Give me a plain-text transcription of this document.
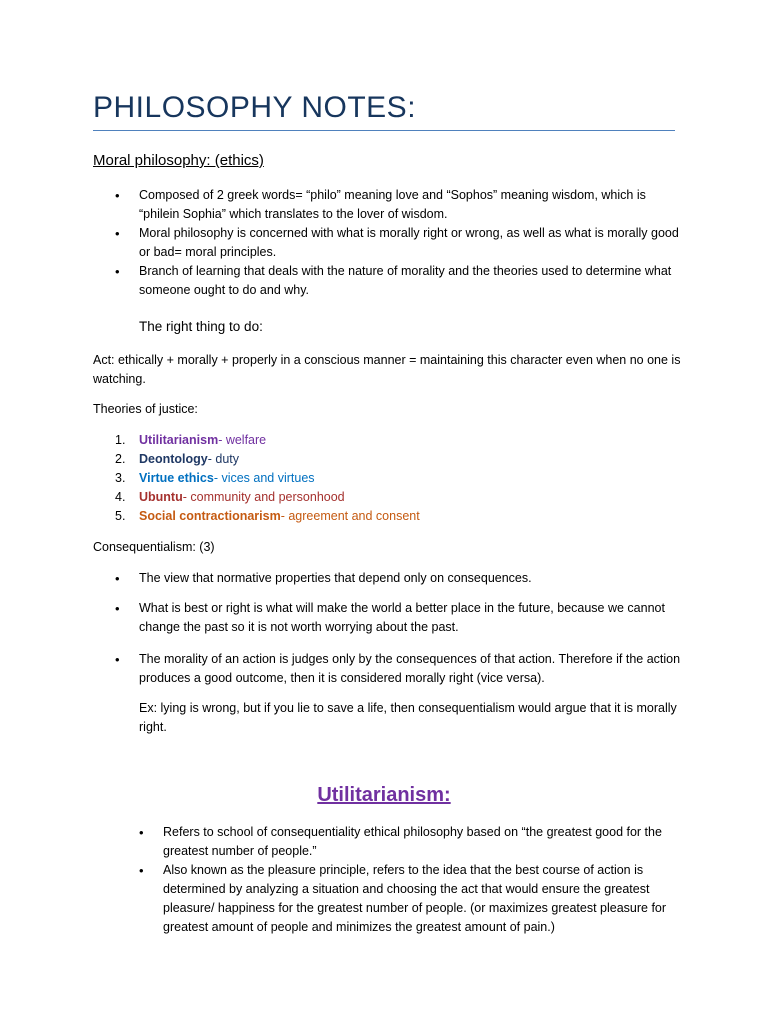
PHILOSOPHY NOTES:
Moral philosophy: (ethics)
• Composed of 2 greek words= “philo” meaning love and “Sophos” meaning wisdom, which is “philein Sophia” which translates to the lover of wisdom.
• Moral philosophy is concerned with what is morally right or wrong, as well as what is morally good or bad= moral principles.
• Branch of learning that deals with the nature of morality and the theories used to determine what someone ought to do and why.
The right thing to do:

Act: ethically + morally + properly in a conscious manner = maintaining this character even when no one is watching.

Theories of justice:

1. Utilitarianism- welfare
2. Deontology- duty
3. Virtue ethics- vices and virtues
4. Ubuntu- community and personhood
5. Social contractionarism- agreement and consent

Consequentialism: (3)

• The view that normative properties that depend only on consequences.
• What is best or right is what will make the world a better place in the future, because we cannot change the past so it is not worth worrying about the past.
• The morality of an action is judges only by the consequences of that action. Therefore if the action produces a good outcome, then it is considered morally right (vice versa).

Ex: lying is wrong, but if you lie to save a life, then consequentialism would argue that it is morally right.

Utilitarianism:
• Refers to school of consequentiality ethical philosophy based on “the greatest good for the greatest number of people.”
• Also known as the pleasure principle, refers to the idea that the best course of action is determined by analyzing a situation and choosing the act that would ensure the greatest pleasure/ happiness for the greatest number of people. (or maximizes greatest pleasure for greatest amount of people and minimizes the greatest amount of pain.)
